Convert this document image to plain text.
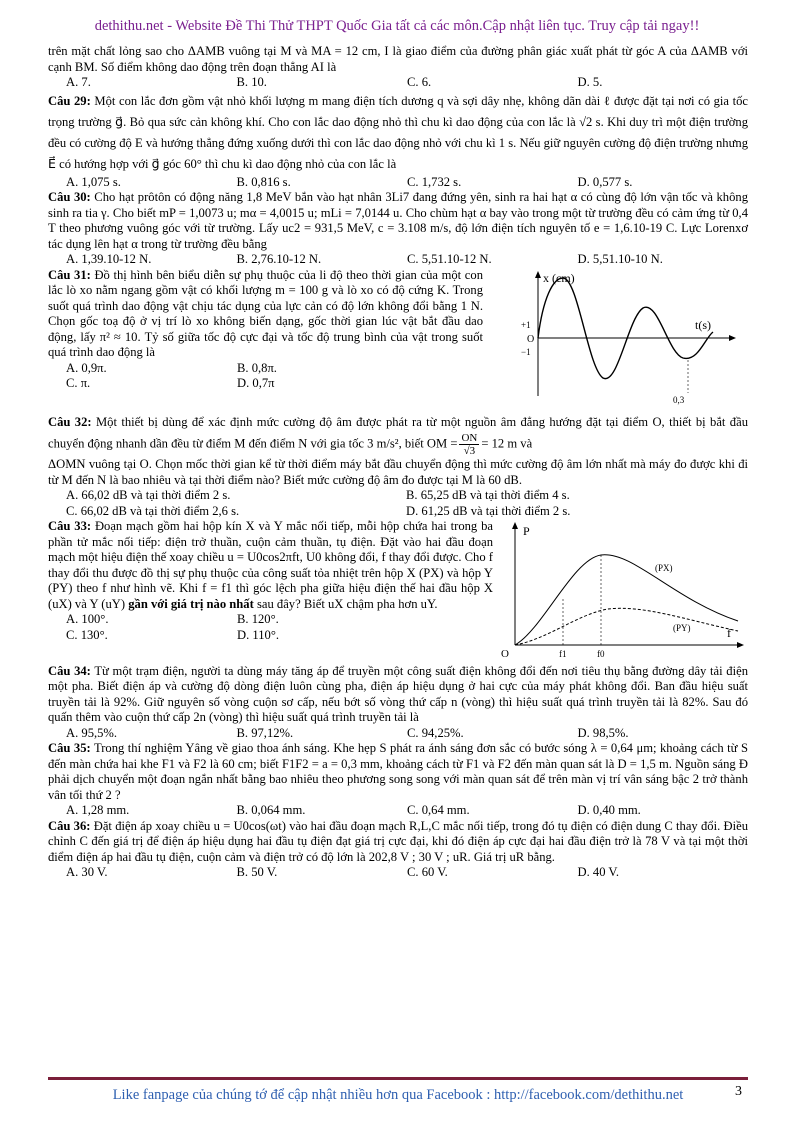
dethithu.net - Website Đề Thi Thử THPT Quốc Gia tất cả các môn.Cập nhật liên tục. Truy cập tải ngay!!

trên mặt chất lỏng sao cho ΔAMB vuông tại M và MA = 12 cm, I là giao điểm của đường phân giác xuất phát từ góc A của ΔAMB với cạnh BM. Số điểm không dao động trên đoạn thẳng AI là

A. 7.	B. 10.	C. 6.	D. 5.

Câu 29: Một con lắc đơn gồm vật nhỏ khối lượng m mang điện tích dương q và sợi dây nhẹ, không dãn dài ℓ được đặt tại nơi có gia tốc trọng trường g⃗. Bỏ qua sức cản không khí. Cho con lắc dao động nhỏ thì chu kì dao động của con lắc là √2 s. Khi duy trì một điện trường đều có cường độ E và hướng thẳng đứng xuống dưới thì con lắc dao động nhỏ với chu kì 1 s. Nếu giữ nguyên cường độ điện trường nhưng E⃗ có hướng hợp với g⃗ góc 60° thì chu kì dao động nhỏ của con lắc là

A. 1,075 s.	B. 0,816 s.	C. 1,732 s.	D. 0,577 s.

Câu 30: Cho hạt prôtôn có động năng 1,8 MeV bắn vào hạt nhân 3Li7 đang đứng yên, sinh ra hai hạt α có cùng độ lớn vận tốc và không sinh ra tia γ. Cho biết mP = 1,0073 u; mα = 4,0015 u; mLi = 7,0144 u. Cho chùm hạt α bay vào trong một từ trường đều có cảm ứng từ 0,4 T theo phương vuông góc với từ trường. Lấy uc2 = 931,5 MeV, c = 3.108 m/s, độ lớn điện tích nguyên tố e = 1,6.10-19 C. Lực Lorenxơ tác dụng lên hạt α trong từ trường đều bằng

A. 1,39.10-12 N.	B. 2,76.10-12 N.	C. 5,51.10-12 N.	D. 5,51.10-10 N.

Câu 31: Đồ thị hình bên biểu diễn sự phụ thuộc của li độ theo thời gian của một con lắc lò xo nằm ngang gồm vật có khối lượng m = 100 g và lò xo có độ cứng K. Trong suốt quá trình dao động vật chịu tác dụng của lực cản có độ lớn không đổi bằng 1 N. Chọn gốc toạ độ ở vị trí lò xo không biến dạng, gốc thời gian lúc vật bắt đầu dao động, lấy π² ≈ 10. Tỷ số giữa tốc độ cực đại và tốc độ trung bình của vật trong suốt quá trình dao động là

A. 0,9π.	B. 0,8π.
C. π.	D. 0,7π
x (cm)
t(s)
+1
O
−1
0,3

Câu 32: Một thiết bị dùng để xác định mức cường độ âm được phát ra từ một nguồn âm đẳng hướng đặt tại điểm O, thiết bị bắt đầu chuyển động nhanh dần đều từ điểm M đến điểm N với gia tốc 3 m/s², biết OM = $\frac{ON}{√3} = 12$ m và

ΔOMN vuông tại O. Chọn mốc thời gian kể từ thời điểm máy bắt đầu chuyển động thì mức cường độ âm lớn nhất mà máy đo được khi đi từ M đến N là bao nhiêu và tại thời điểm nào? Biết mức cường độ âm đo được tại M là 60 dB.

A. 66,02 dB và tại thời điểm 2 s.	B. 65,25 dB và tại thời điểm 4 s.
C. 66,02 dB và tại thời điểm 2,6 s.	D. 61,25 dB và tại thời điểm 2 s.

Câu 33: Đoạn mạch gồm hai hộp kín X và Y mắc nối tiếp, mỗi hộp chứa hai trong ba phần tử mắc nối tiếp: điện trở thuần, cuộn cảm thuần, tụ điện. Đặt vào hai đầu đoạn mạch một hiệu điện thế xoay chiều u = U0cos2πft, U0 không đổi, f thay đổi được. Cho f thay đổi thu được đồ thị sự phụ thuộc của công suất tỏa nhiệt trên hộp X (PX) và hộp Y (PY) theo f như hình vẽ. Khi f = f1 thì góc lệch pha giữa hiệu điện thế hai đầu hộp X (uX) và Y (uY) gần với giá trị nào nhất sau đây? Biết uX chậm pha hơn uY.

A. 100°.	B. 120°.
C. 130°.	D. 110°.
P
f
O	f1	f0
(PX)
(PY)

Câu 34: Từ một trạm điện, người ta dùng máy tăng áp để truyền một công suất điện không đổi đến nơi tiêu thụ bằng đường dây tải điện một pha. Biết điện áp và cường độ dòng điện luôn cùng pha, điện áp hiệu dụng ở hai cực của máy phát không đổi. Ban đầu hiệu suất truyền tải là 92%. Giữ nguyên số vòng cuộn sơ cấp, nếu bớt số vòng thứ cấp n (vòng) thì hiệu suất quá trình truyền tải là 82%. Sau đó quấn thêm vào cuộn thứ cấp 2n (vòng) thì hiệu suất quá trình truyền tải là

A. 95,5%.	B. 97,12%.	C. 94,25%.	D. 98,5%.

Câu 35: Trong thí nghiệm Yâng về giao thoa ánh sáng. Khe hẹp S phát ra ánh sáng đơn sắc có bước sóng λ = 0,64 μm; khoảng cách từ S đến màn chứa hai khe F1 và F2 là 60 cm; biết F1F2 = a = 0,3 mm, khoảng cách từ F1 và F2 đến màn quan sát là D = 1,5 m. Nguồn sáng Đ phải dịch chuyển một đoạn ngắn nhất bằng bao nhiêu theo phương song song với màn quan sát để trên màn vị trí vân sáng bậc 2 trở thành vân tối thứ 2 ?

A. 1,28 mm.	B. 0,064 mm.	C. 0,64 mm.	D. 0,40 mm.

Câu 36: Đặt điện áp xoay chiều u = U0cos(ωt) vào hai đầu đoạn mạch R,L,C mắc nối tiếp, trong đó tụ điện có điện dung C thay đổi. Điều chỉnh C đến giá trị để điện áp hiệu dụng hai đầu tụ điện đạt giá trị cực đại, khi đó điện áp cực đại hai đầu điện trở là 78 V và tại một thời điểm điện áp hai đầu tụ điện, cuộn cảm và điện trở có độ lớn là 202,8 V ; 30 V ; uR. Giá trị uR bằng.

A. 30 V.	B. 50 V.	C. 60 V.	D. 40 V.
Like fanpage của chúng tớ để cập nhật nhiều hơn qua Facebook : http://facebook.com/dethithu.net	3
